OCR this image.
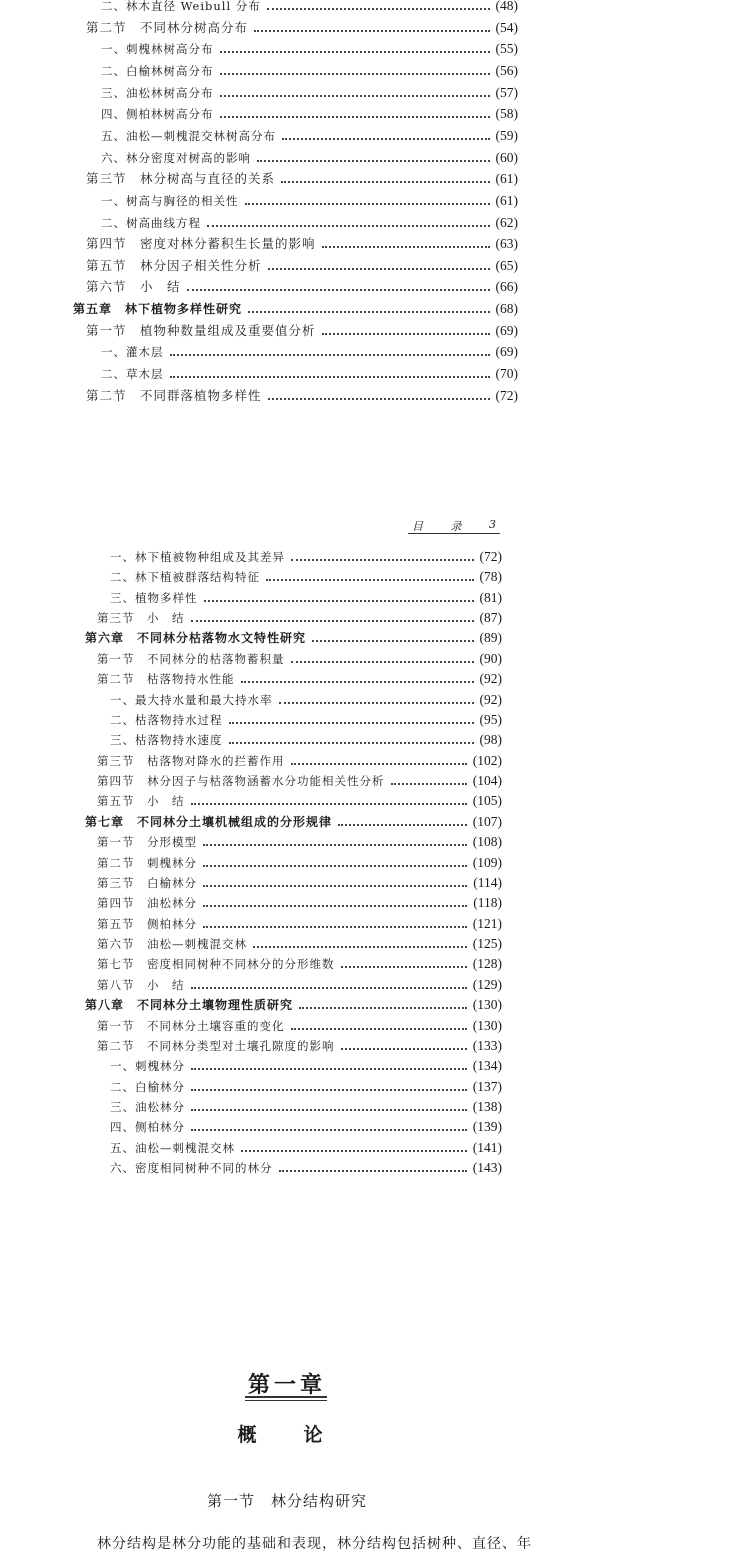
二、林木直径 Weibull 分布	(48)
第二节　不同林分树高分布	(54)
一、刺槐林树高分布	(55)
二、白榆林树高分布	(56)
三、油松林树高分布	(57)
四、侧柏林树高分布	(58)
五、油松—刺槐混交林树高分布	(59)
六、林分密度对树高的影响	(60)
第三节　林分树高与直径的关系	(61)
一、树高与胸径的相关性	(61)
二、树高曲线方程	(62)
第四节　密度对林分蓄积生长量的影响	(63)
第五节　林分因子相关性分析	(65)
第六节　小　结	(66)
第五章　林下植物多样性研究	(68)
第一节　植物种数量组成及重要值分析	(69)
一、灌木层	(69)
二、草木层	(70)
第二节　不同群落植物多样性	(72)
目	录	3
一、林下植被物种组成及其差异	(72)
二、林下植被群落结构特征	(78)
三、植物多样性	(81)
第三节　小　结	(87)
第六章　不同林分枯落物水文特性研究	(89)
第一节　不同林分的枯落物蓄积量	(90)
第二节　枯落物持水性能	(92)
一、最大持水量和最大持水率	(92)
二、枯落物持水过程	(95)
三、枯落物持水速度	(98)
第三节　枯落物对降水的拦蓄作用	(102)
第四节　林分因子与枯落物涵蓄水分功能相关性分析	(104)
第五节　小　结	(105)
第七章　不同林分土壤机械组成的分形规律	(107)
第一节　分形模型	(108)
第二节　刺槐林分	(109)
第三节　白榆林分	(114)
第四节　油松林分	(118)
第五节　侧柏林分	(121)
第六节　油松—刺槐混交林	(125)
第七节　密度相同树种不同林分的分形维数	(128)
第八节　小　结	(129)
第八章　不同林分土壤物理性质研究	(130)
第一节　不同林分土壤容重的变化	(130)
第二节　不同林分类型对土壤孔隙度的影响	(133)
一、刺槐林分	(134)
二、白榆林分	(137)
三、油松林分	(138)
四、侧柏林分	(139)
五、油松—刺槐混交林	(141)
六、密度相同树种不同的林分	(143)
第一章
概　论
第一节　林分结构研究
林分结构是林分功能的基础和表现，林分结构包括树种、直径、年
